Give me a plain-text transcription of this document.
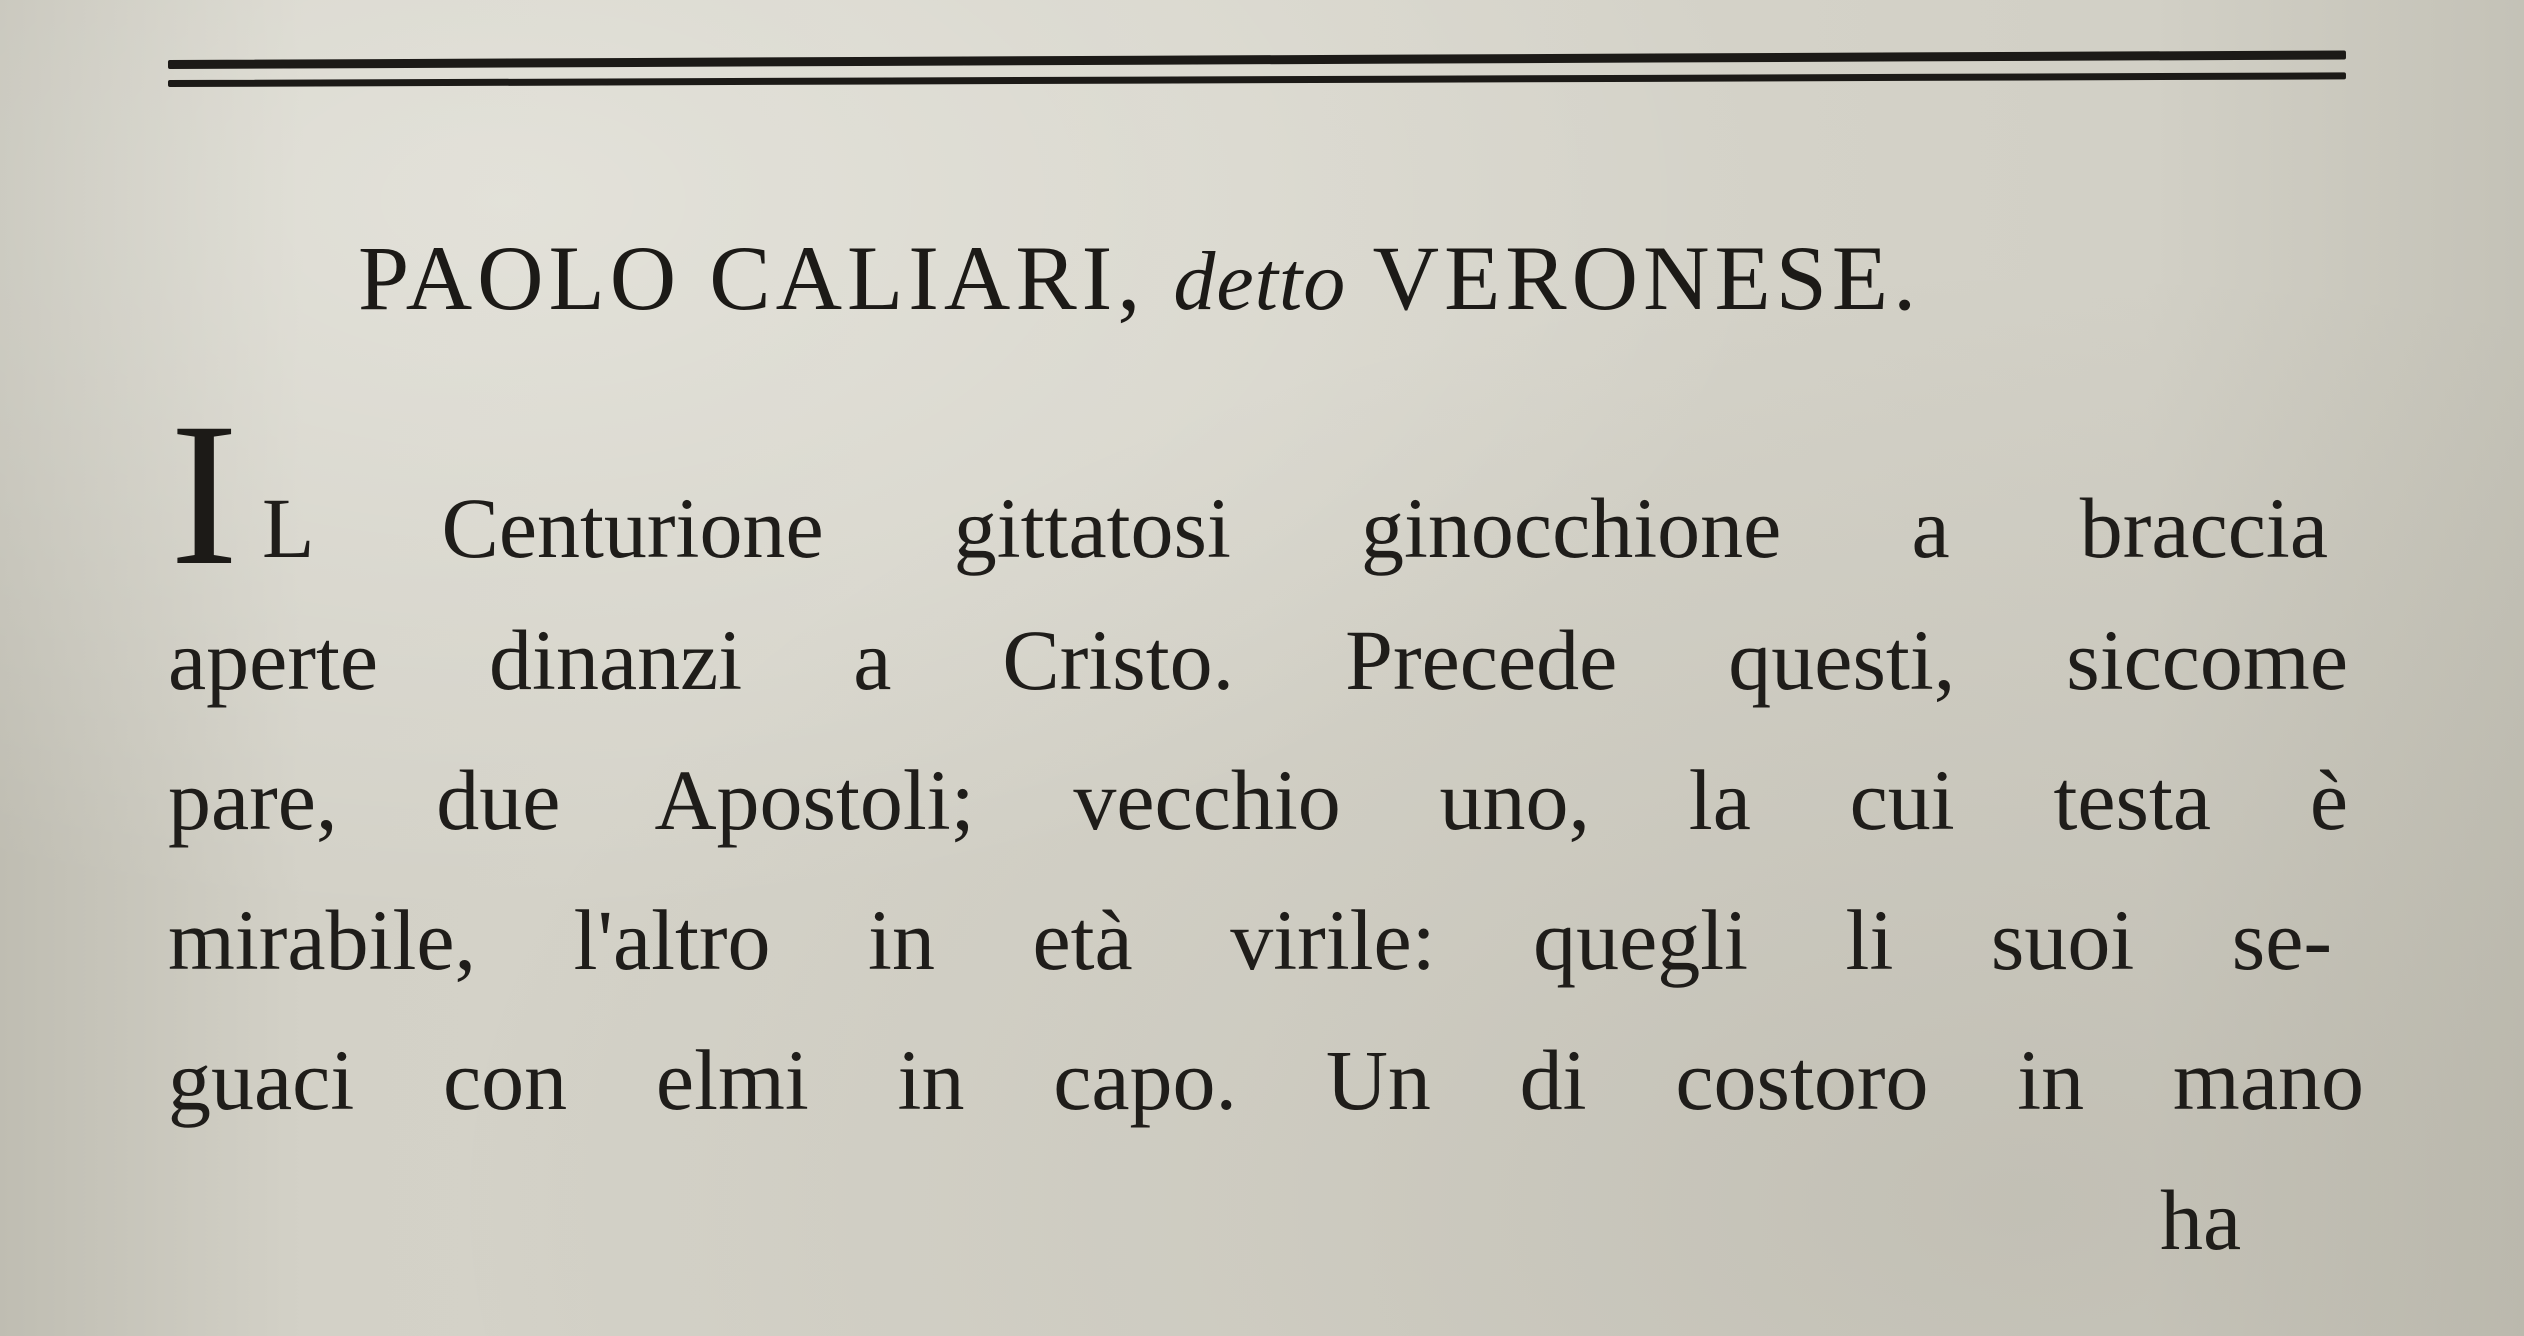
PAOLO CALIARI, detto VERONESE.
I L Centurione gittatosi ginocchione a braccia
aperte dinanzi a Cristo. Precede questi, siccome
pare, due Apostoli; vecchio uno, la cui testa è
mirabile, l'altro in età virile: quegli li suoi se-
guaci con elmi in capo. Un di costoro in mano
ha
